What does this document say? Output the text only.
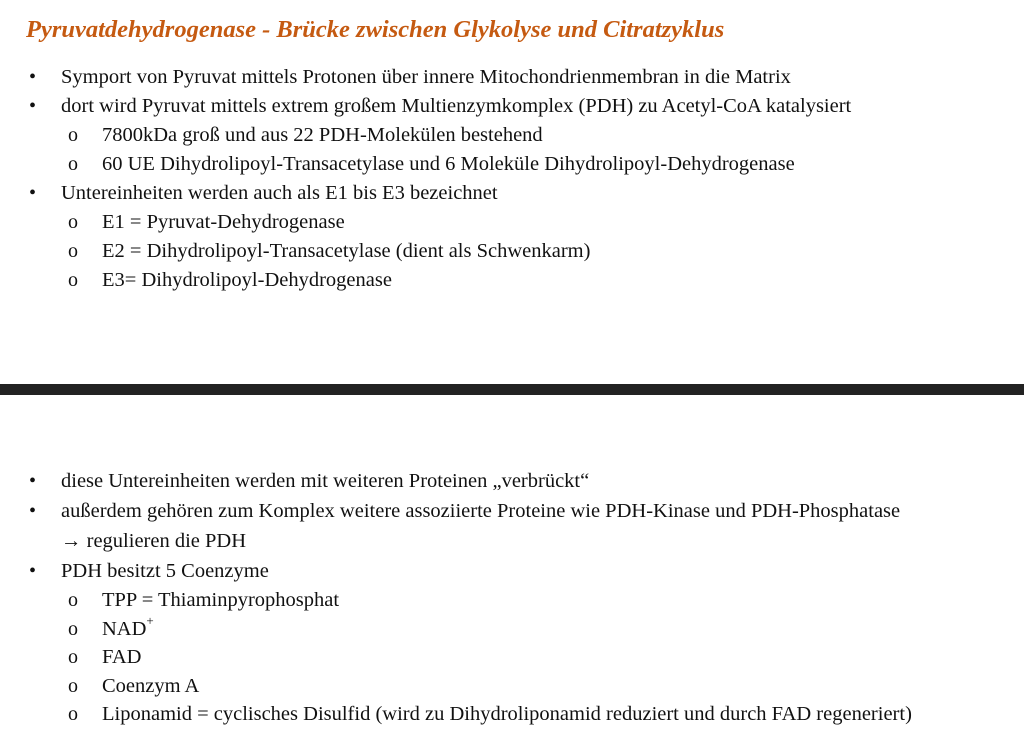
Pyruvatdehydrogenase - Brücke zwischen Glykolyse und Citratzyklus
• Symport von Pyruvat mittels Protonen über innere Mitochondrienmembran in die Matrix
• dort wird Pyruvat mittels extrem großem Multienzymkomplex (PDH) zu Acetyl-CoA katalysiert
o 7800kDa groß und aus 22 PDH-Molekülen bestehend
o 60 UE Dihydrolipoyl-Transacetylase und 6 Moleküle Dihydrolipoyl-Dehydrogenase
• Untereinheiten werden auch als E1 bis E3 bezeichnet
o E1 = Pyruvat-Dehydrogenase
o E2 = Dihydrolipoyl-Transacetylase (dient als Schwenkarm)
o E3= Dihydrolipoyl-Dehydrogenase
• diese Untereinheiten werden mit weiteren Proteinen „verbrückt“
• außerdem gehören zum Komplex weitere assoziierte Proteine wie PDH-Kinase und PDH-Phosphatase
→ regulieren die PDH
• PDH besitzt 5 Coenzyme
o TPP = Thiaminpyrophosphat
o NAD+
o FAD
o Coenzym A
o Liponamid = cyclisches Disulfid (wird zu Dihydroliponamid reduziert und durch FAD regeneriert)
